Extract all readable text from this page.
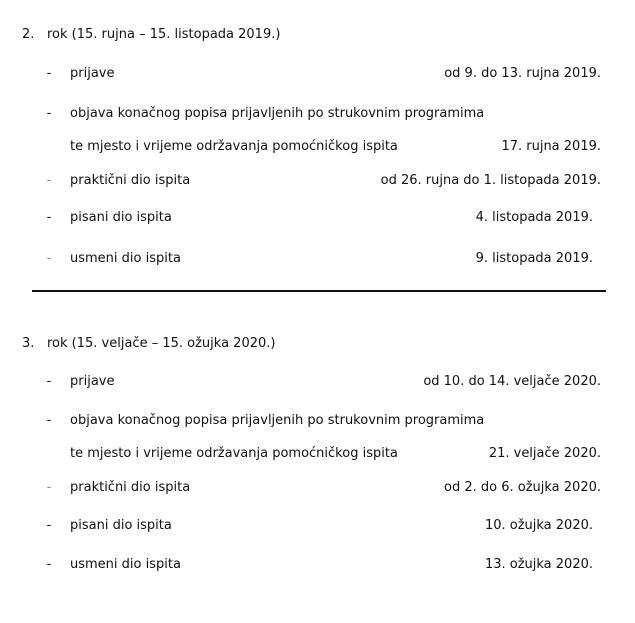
2. rok (15. rujna – 15. listopada 2019.)
- prijave	od 9. do 13. rujna 2019.
- objava konačnog popisa prijavljenih po strukovnim programima
te mjesto i vrijeme održavanja pomoćničkog ispita	17. rujna 2019.
- praktični dio ispita	od 26. rujna do 1. listopada 2019.
- pisani dio ispita	4. listopada 2019.
- usmeni dio ispita	9. listopada 2019.
3. rok (15. veljače – 15. ožujka 2020.)
- prijave	od 10. do 14. veljače 2020.
- objava konačnog popisa prijavljenih po strukovnim programima
te mjesto i vrijeme održavanja pomoćničkog ispita	21. veljače 2020.
- praktični dio ispita	od 2. do 6. ožujka 2020.
- pisani dio ispita	10. ožujka 2020.
- usmeni dio ispita	13. ožujka 2020.
